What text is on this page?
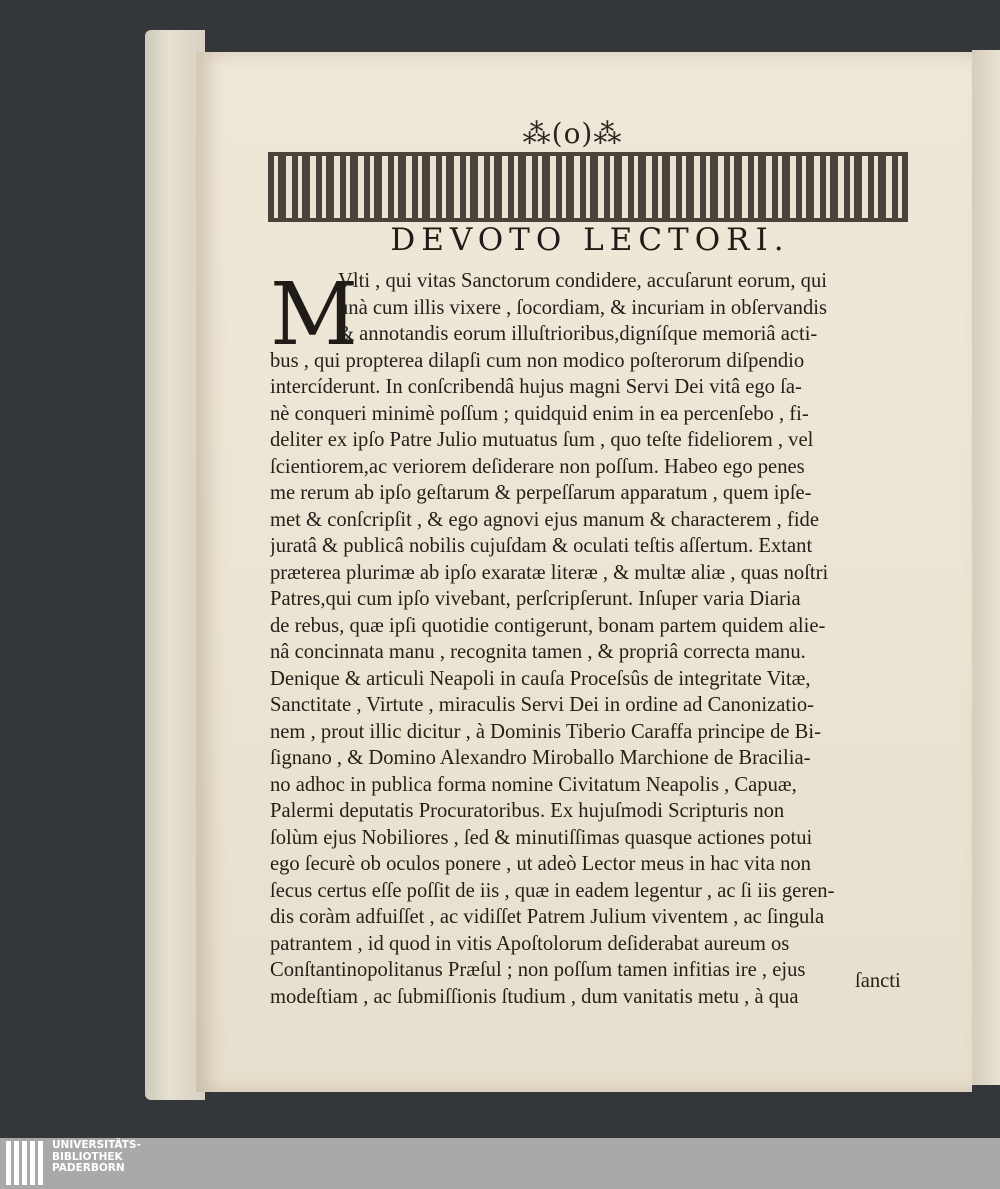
⁂(o)⁂
DEVOTO LECTORI.
M
Vlti , qui vitas Sanctorum condidere, accuſarunt eorum, qui
unà cum illis vixere , ſocordiam, & incuriam in obſervandis
& annotandis eorum illuſtrioribus,digníſque memoriâ acti-
bus , qui propterea dilapſi cum non modico poſterorum diſpendio
intercíderunt. In conſcribendâ hujus magni Servi Dei vitâ ego ſa-
nè conqueri minimè poſſum ; quidquid enim in ea percenſebo , fi-
deliter ex ipſo Patre Julio mutuatus ſum , quo teſte fideliorem , vel
ſcientiorem,ac veriorem deſiderare non poſſum. Habeo ego penes
me rerum ab ipſo geſtarum & perpeſſarum apparatum , quem ipſe-
met & conſcripſit , & ego agnovi ejus manum & characterem , fide
juratâ & publicâ nobilis cujuſdam & oculati teſtis aſſertum. Extant
præterea plurimæ ab ipſo exaratæ literæ , & multæ aliæ , quas noſtri
Patres,qui cum ipſo vivebant, perſcripſerunt. Inſuper varia Diaria
de rebus, quæ ipſi quotidie contigerunt, bonam partem quidem alie-
nâ concinnata manu , recognita tamen , & propriâ correcta manu.
Denique & articuli Neapoli in cauſa Proceſsûs de integritate Vitæ,
Sanctitate , Virtute , miraculis Servi Dei in ordine ad Canonizatio-
nem , prout illic dicitur , à Dominis Tiberio Caraffa principe de Bi-
ſignano , & Domino Alexandro Miroballo Marchione de Braciliа-
no adhoc in publica forma nomine Civitatum Neapolis , Capuæ,
Palermi deputatis Procuratoribus. Ex hujuſmodi Scripturis non
ſolùm ejus Nobiliores , ſed & minutiſſimas quasque actiones potui
ego ſecurè ob oculos ponere , ut adeò Lector meus in hac vita non
ſecus certus eſſe poſſit de iis , quæ in eadem legentur , ac ſi iis geren-
dis coràm adfuiſſet , ac vidiſſet Patrem Julium viventem , ac ſingula
patrantem , id quod in vitis Apoſtolorum deſiderabat aureum os
Conſtantinopolitanus Præſul ; non poſſum tamen infitias ire , ejus
modeſtiam , ac ſubmiſſionis ſtudium , dum vanitatis metu , à qua
ſancti
UNIVERSITÄTS-
BIBLIOTHEK
PADERBORN
